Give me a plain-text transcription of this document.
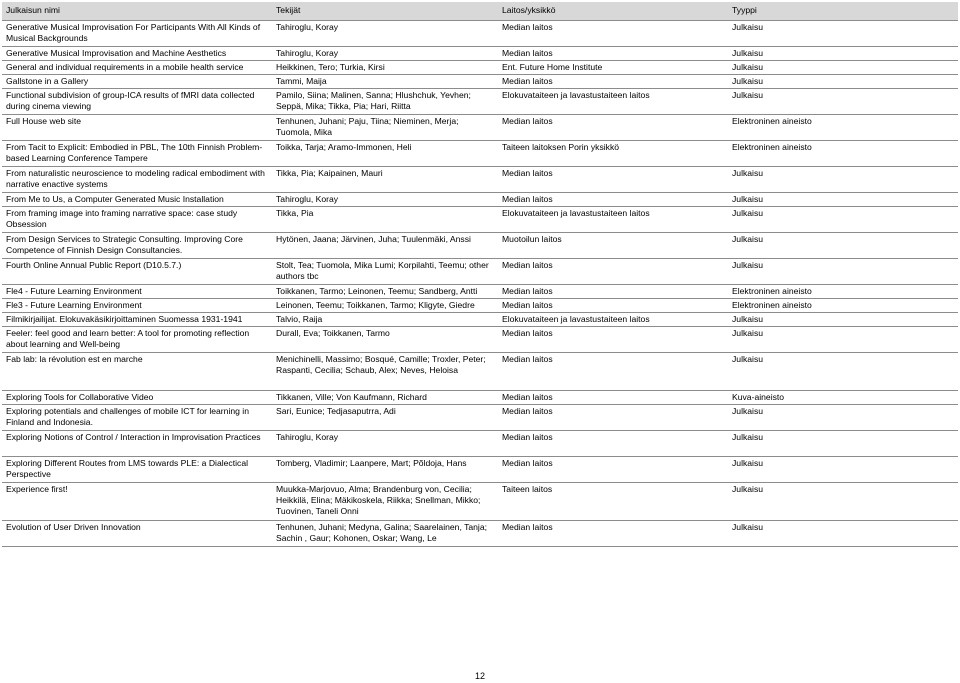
Julkaisun nimi	Tekijät	Laitos/yksikkö	Tyyppi
Generative Musical Improvisation For Participants With All Kinds of Musical Backgrounds	Tahiroglu, Koray	Median laitos	Julkaisu
Generative Musical Improvisation and Machine Aesthetics	Tahiroglu, Koray	Median laitos	Julkaisu
General and individual requirements in a mobile health service	Heikkinen, Tero; Turkia, Kirsi	Ent. Future Home Institute	Julkaisu
Gallstone in a Gallery	Tammi, Maija	Median laitos	Julkaisu
Functional subdivision of group-ICA results of fMRI data collected during cinema viewing	Pamilo, Siina; Malinen, Sanna; Hlushchuk, Yevhen; Seppä, Mika; Tikka, Pia; Hari, Riitta	Elokuvataiteen ja lavastustaiteen laitos	Julkaisu
Full House web site	Tenhunen, Juhani; Paju, Tiina; Nieminen, Merja; Tuomola, Mika	Median laitos	Elektroninen aineisto
From Tacit to Explicit: Embodied in PBL, The 10th Finnish Problem-based Learning Conference Tampere	Toikka, Tarja; Aramo-Immonen, Heli	Taiteen laitoksen Porin yksikkö	Elektroninen aineisto
From naturalistic neuroscience to modeling radical embodiment with narrative enactive systems	Tikka, Pia; Kaipainen, Mauri	Median laitos	Julkaisu
From Me to Us, a Computer Generated Music Installation	Tahiroglu, Koray	Median laitos	Julkaisu
From framing image into framing narrative space: case study Obsession	Tikka, Pia	Elokuvataiteen ja lavastustaiteen laitos	Julkaisu
From Design Services to Strategic Consulting. Improving Core Competence of Finnish Design Consultancies.	Hytönen, Jaana; Järvinen, Juha; Tuulenmäki, Anssi	Muotoilun laitos	Julkaisu
Fourth Online Annual Public Report (D10.5.7.)	Stolt, Tea; Tuomola, Mika Lumi; Korpilahti, Teemu; other authors tbc	Median laitos	Julkaisu
Fle4 - Future Learning Environment	Toikkanen, Tarmo; Leinonen, Teemu; Sandberg, Antti	Median laitos	Elektroninen aineisto
Fle3 - Future Learning Environment	Leinonen, Teemu; Toikkanen, Tarmo; Kligyte, Giedre	Median laitos	Elektroninen aineisto
Filmikirjailijat. Elokuvakäsikirjoittaminen Suomessa 1931-1941	Talvio, Raija	Elokuvataiteen ja lavastustaiteen laitos	Julkaisu
Feeler: feel good and learn better: A tool for promoting reflection about learning and Well-being	Durall, Eva; Toikkanen, Tarmo	Median laitos	Julkaisu
Fab lab: la révolution est en marche	Menichinelli, Massimo; Bosqué, Camille; Troxler, Peter; Raspanti, Cecilia; Schaub, Alex; Neves, Heloisa	Median laitos	Julkaisu
Exploring Tools for Collaborative Video	Tikkanen, Ville; Von Kaufmann, Richard	Median laitos	Kuva-aineisto
Exploring potentials and challenges of mobile ICT for learning in Finland and Indonesia.	Sari, Eunice; Tedjasaputrra, Adi	Median laitos	Julkaisu
Exploring Notions of Control / Interaction in Improvisation Practices	Tahiroglu, Koray	Median laitos	Julkaisu
Exploring Different Routes from LMS towards PLE: a Dialectical Perspective	Tomberg, Vladimir; Laanpere, Mart; Põldoja, Hans	Median laitos	Julkaisu
Experience first!	Muukka-Marjovuo, Alma; Brandenburg von, Cecilia; Heikkilä, Elina; Mäkikoskela, Riikka; Snellman, Mikko; Tuovinen, Taneli Onni	Taiteen laitos	Julkaisu
Evolution of User Driven Innovation	Tenhunen, Juhani; Medyna, Galina; Saarelainen, Tanja; Sachin , Gaur; Kohonen, Oskar; Wang, Le	Median laitos	Julkaisu
12
